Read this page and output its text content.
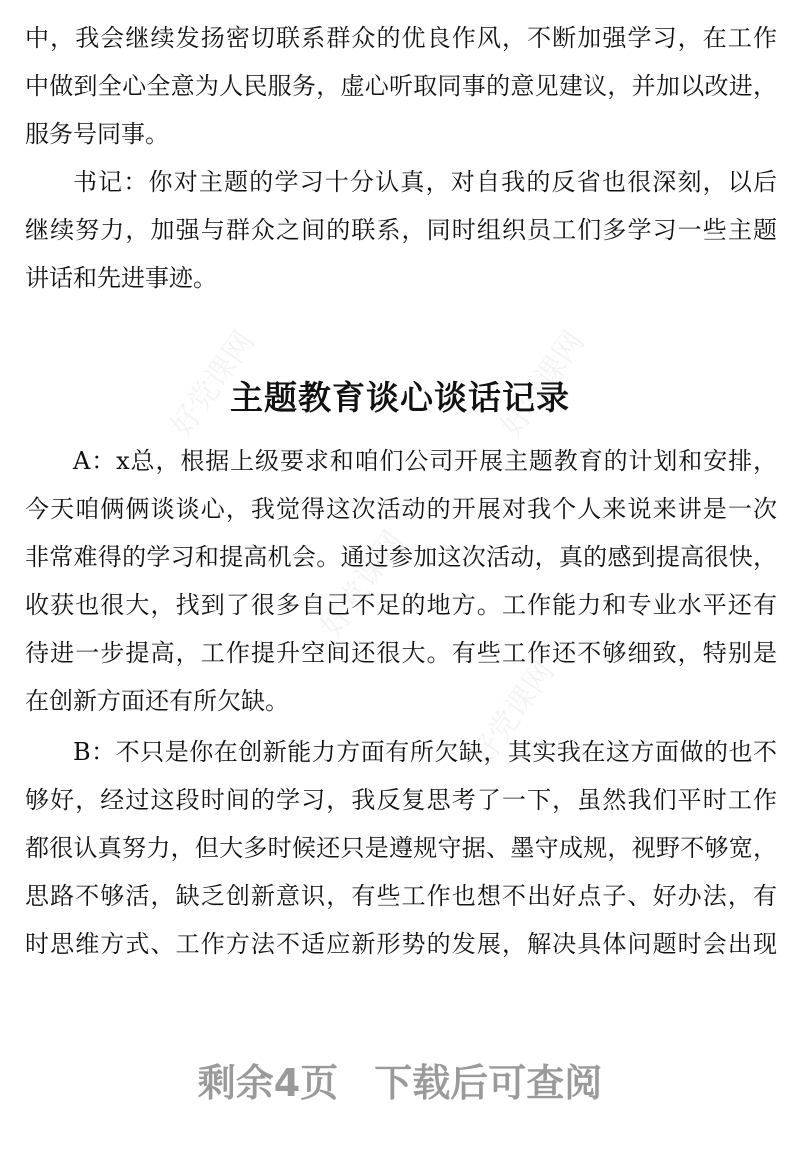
好党课网	好党课网
好党课网
好党课网
中，我会继续发扬密切联系群众的优良作风，不断加强学习，在工作
中做到全心全意为人民服务，虚心听取同事的意见建议，并加以改进，
服务号同事。
书记：你对主题的学习十分认真，对自我的反省也很深刻，以后
继续努力，加强与群众之间的联系，同时组织员工们多学习一些主题
讲话和先进事迹。
主题教育谈心谈话记录
A：x总，根据上级要求和咱们公司开展主题教育的计划和安排，
今天咱俩俩谈谈心，我觉得这次活动的开展对我个人来说来讲是一次
非常难得的学习和提高机会。通过参加这次活动，真的感到提高很快，
收获也很大，找到了很多自己不足的地方。工作能力和专业水平还有
待进一步提高，工作提升空间还很大。有些工作还不够细致，特别是
在创新方面还有所欠缺。
B：不只是你在创新能力方面有所欠缺，其实我在这方面做的也不
够好，经过这段时间的学习，我反复思考了一下，虽然我们平时工作
都很认真努力，但大多时候还只是遵规守据、墨守成规，视野不够宽，
思路不够活，缺乏创新意识，有些工作也想不出好点子、好办法，有
时思维方式、工作方法不适应新形势的发展，解决具体问题时会出现
剩余4页 下载后可查阅
